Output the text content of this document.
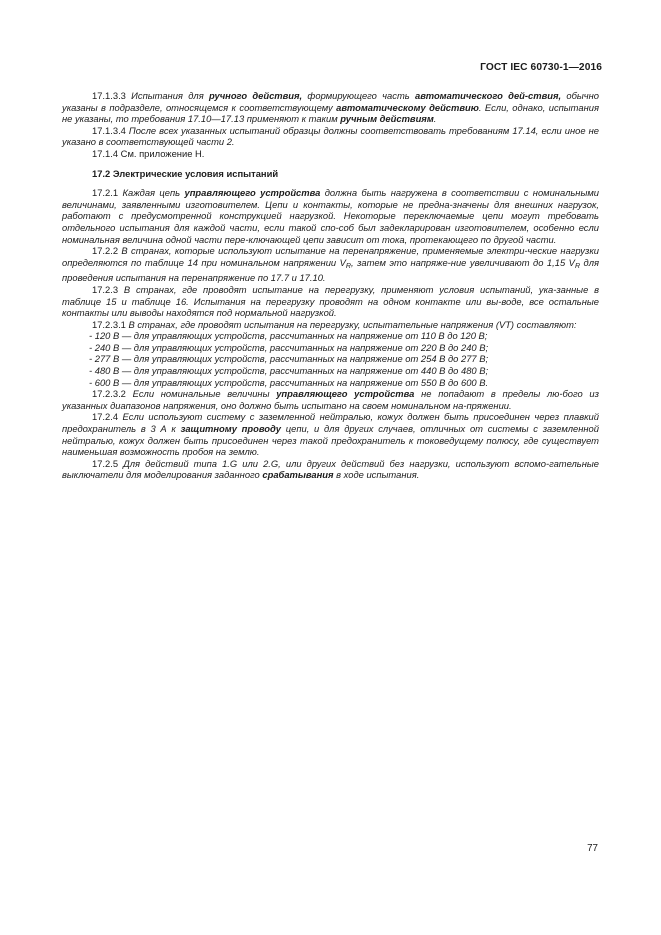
ГОСТ IEC 60730-1—2016

17.1.3.3 Испытания для ручного действия, формирующего часть автоматического дей-ствия, обычно указаны в подразделе, относящемся к соответствующему автоматическому действию. Если, однако, испытания не указаны, то требования 17.10—17.13 применяют к таким ручным действиям.

17.1.3.4 После всех указанных испытаний образцы должны соответствовать требованиям 17.14, если иное не указано в соответствующей части 2.

17.1.4 См. приложение Н.

17.2 Электрические условия испытаний

17.2.1 Каждая цепь управляющего устройства должна быть нагружена в соответствии с номинальными величинами, заявленными изготовителем. Цепи и контакты, которые не предна-значены для внешних нагрузок, работают с предусмотренной конструкцией нагрузкой. Некоторые переключаемые цепи могут требовать отдельного испытания для каждой части, если такой спо-соб был задекларирован изготовителем, особенно если номинальная величина одной части пере-ключающей цепи зависит от тока, протекающего по другой части.

17.2.2 В странах, которые используют испытание на перенапряжение, применяемые электри-ческие нагрузки определяются по таблице 14 при номинальном напряжении $V_R$, затем это напряже-ние увеличивают до 1,15 $V_R$ для проведения испытания на перенапряжение по 17.7 и 17.10.

17.2.3 В странах, где проводят испытание на перегрузку, применяют условия испытаний, ука-занные в таблице 15 и таблице 16. Испытания на перегрузку проводят на одном контакте или вы-воде, все остальные контакты или выводы находятся под нормальной нагрузкой.

17.2.3.1 В странах, где проводят испытания на перегрузку, испытательные напряжения (VT) составляют:

- 120 В — для управляющих устройств, рассчитанных на напряжение от 110 В до 120 В;
- 240 В — для управляющих устройств, рассчитанных на напряжение от 220 В до 240 В;
- 277 В — для управляющих устройств, рассчитанных на напряжение от 254 В до 277 В;
- 480 В — для управляющих устройств, рассчитанных на напряжение от 440 В до 480 В;
- 600 В — для управляющих устройств, рассчитанных на напряжение от 550 В до 600 В.

17.2.3.2 Если номинальные величины управляющего устройства не попадают в пределы лю-бого из указанных диапазонов напряжения, оно должно быть испытано на своем номинальном на-пряжении.

17.2.4 Если используют систему с заземленной нейтралью, кожух должен быть присоединен через плавкий предохранитель в 3 А к защитному проводу цепи, и для других случаев, отличных от системы с заземленной нейтралью, кожух должен быть присоединен через такой предохранитель к токоведущему полюсу, где существует наименьшая возможность пробоя на землю.

17.2.5 Для действий типа 1.G или 2.G, или других действий без нагрузки, используют вспомо-гательные выключатели для моделирования заданного срабатывания в ходе испытания.

77
